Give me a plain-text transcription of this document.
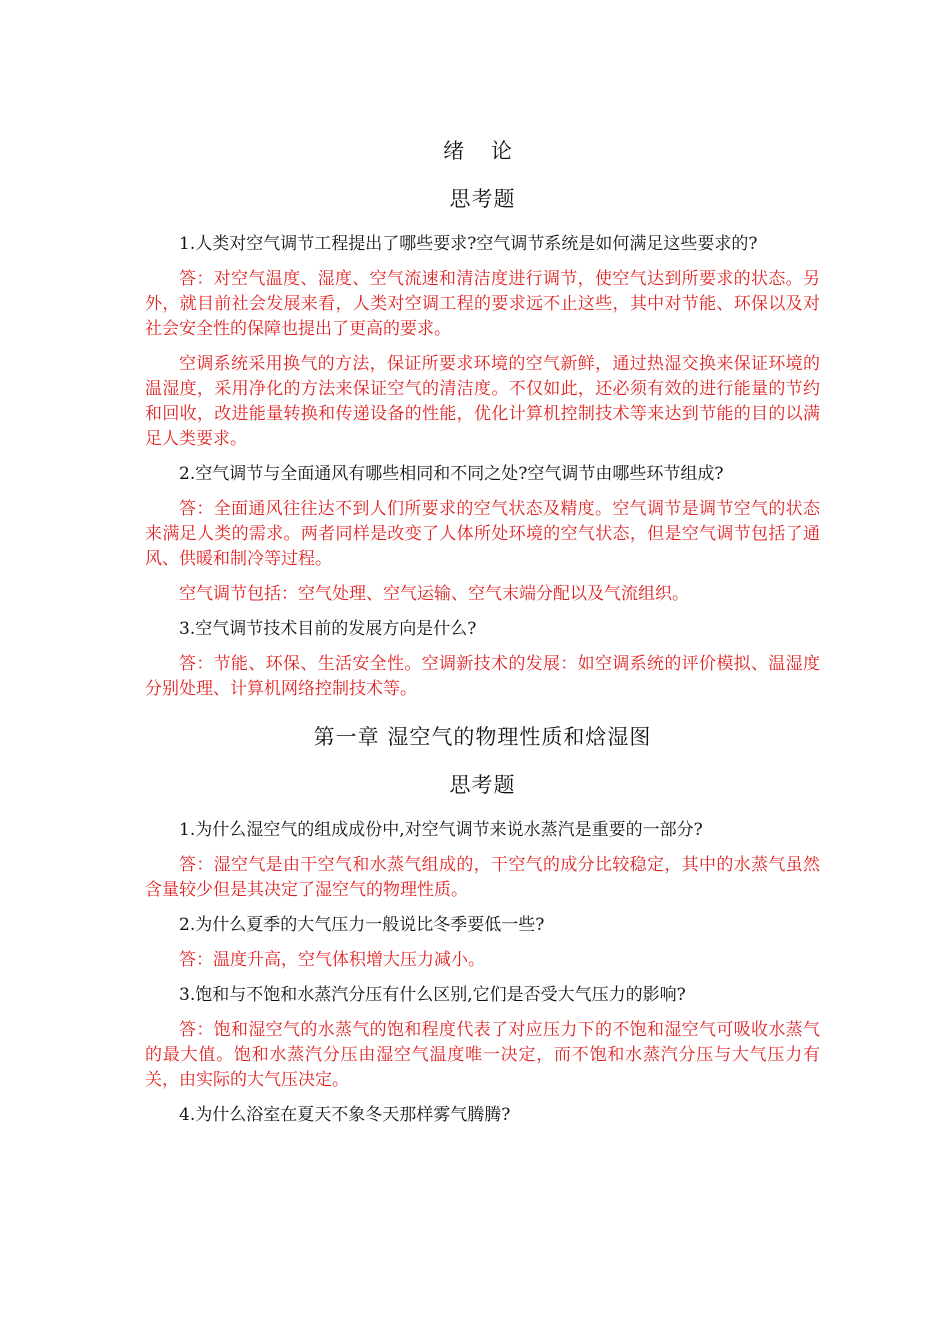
绪 论
思考题

1.人类对空气调节工程提出了哪些要求?空气调节系统是如何满足这些要求的?

答：对空气温度、湿度、空气流速和清洁度进行调节，使空气达到所要求的状态。另外，就目前社会发展来看，人类对空调工程的要求远不止这些，其中对节能、环保以及对社会安全性的保障也提出了更高的要求。

空调系统采用换气的方法，保证所要求环境的空气新鲜，通过热湿交换来保证环境的温湿度，采用净化的方法来保证空气的清洁度。不仅如此，还必须有效的进行能量的节约和回收，改进能量转换和传递设备的性能，优化计算机控制技术等来达到节能的目的以满足人类要求。

2.空气调节与全面通风有哪些相同和不同之处?空气调节由哪些环节组成?

答：全面通风往往达不到人们所要求的空气状态及精度。空气调节是调节空气的状态来满足人类的需求。两者同样是改变了人体所处环境的空气状态，但是空气调节包括了通风、供暖和制冷等过程。

空气调节包括：空气处理、空气运输、空气末端分配以及气流组织。

3.空气调节技术目前的发展方向是什么?

答：节能、环保、生活安全性。空调新技术的发展：如空调系统的评价模拟、温湿度分别处理、计算机网络控制技术等。

第一章 湿空气的物理性质和焓湿图
思考题

1.为什么湿空气的组成成份中,对空气调节来说水蒸汽是重要的一部分?

答：湿空气是由干空气和水蒸气组成的，干空气的成分比较稳定，其中的水蒸气虽然含量较少但是其决定了湿空气的物理性质。

2.为什么夏季的大气压力一般说比冬季要低一些?

答：温度升高，空气体积增大压力减小。

3.饱和与不饱和水蒸汽分压有什么区别,它们是否受大气压力的影响?

答：饱和湿空气的水蒸气的饱和程度代表了对应压力下的不饱和湿空气可吸收水蒸气的最大值。饱和水蒸汽分压由湿空气温度唯一决定，而不饱和水蒸汽分压与大气压力有关，由实际的大气压决定。

4.为什么浴室在夏天不象冬天那样雾气腾腾?
